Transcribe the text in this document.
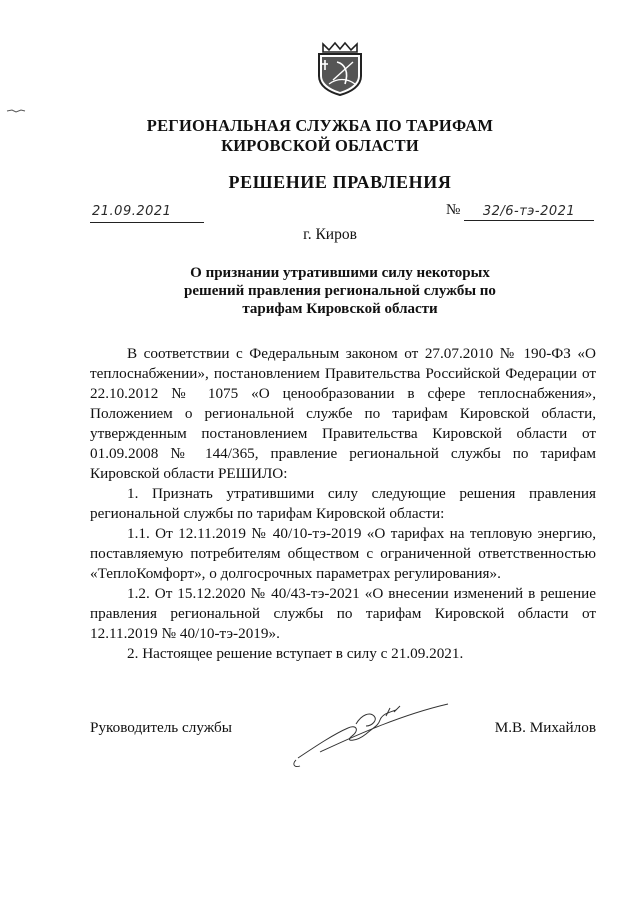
РЕГИОНАЛЬНАЯ СЛУЖБА ПО ТАРИФАМ
КИРОВСКОЙ ОБЛАСТИ
РЕШЕНИЕ ПРАВЛЕНИЯ
21.09.2021	№	32/6-тэ-2021
г. Киров
О признании утратившими силу некоторых решений правления региональной службы по тарифам Кировской области

В соответствии с Федеральным законом от 27.07.2010 № 190-ФЗ «О теплоснабжении», постановлением Правительства Российской Федерации от 22.10.2012 № 1075 «О ценообразовании в сфере теплоснабжения», Положением о региональной службе по тарифам Кировской области, утвержденным постановлением Правительства Кировской области от 01.09.2008 № 144/365, правление региональной службы по тарифам Кировской области РЕШИЛО:

1. Признать утратившими силу следующие решения правления региональной службы по тарифам Кировской области:

1.1. От 12.11.2019 № 40/10-тэ-2019 «О тарифах на тепловую энергию, поставляемую потребителям обществом с ограниченной ответственностью «ТеплоКомфорт», о долгосрочных параметрах регулирования».

1.2. От 15.12.2020 № 40/43-тэ-2021 «О внесении изменений в решение правления региональной службы по тарифам Кировской области от 12.11.2019 № 40/10-тэ-2019».

2. Настоящее решение вступает в силу с 21.09.2021.

Руководитель службы	М.В. Михайлов
